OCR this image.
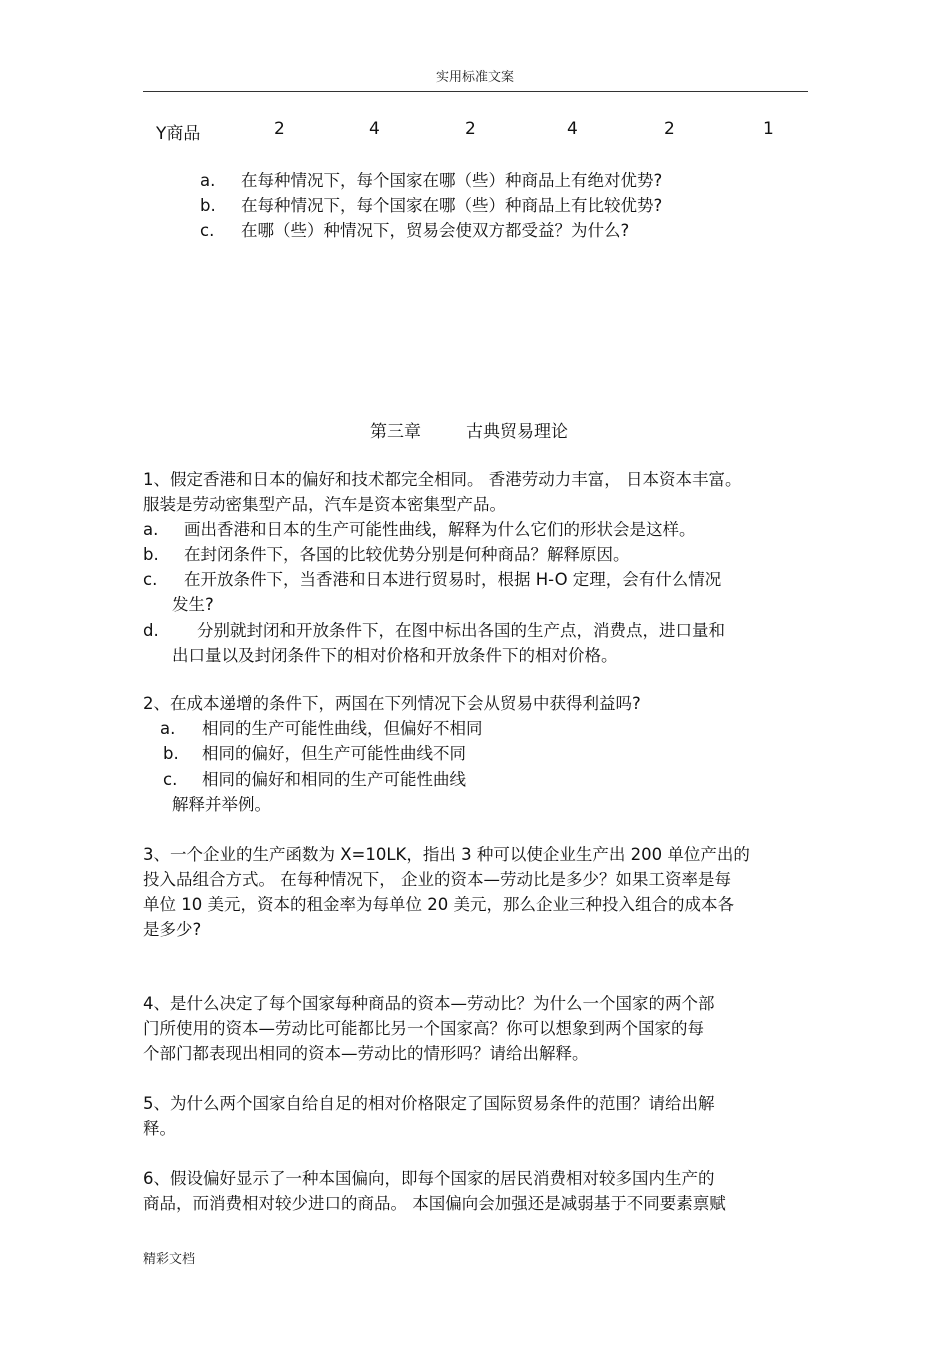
实用标准文案
Y商品	2	4	2	4	2	1
a. 在每种情况下，每个国家在哪（些）种商品上有绝对优势?
b. 在每种情况下，每个国家在哪（些）种商品上有比较优势?
c. 在哪（些）种情况下，贸易会使双方都受益？为什么?
第三章	古典贸易理论
1、假定香港和日本的偏好和技术都完全相同。 香港劳动力丰富， 日本资本丰富。
服装是劳动密集型产品，汽车是资本密集型产品。
a. 画出香港和日本的生产可能性曲线，解释为什么它们的形状会是这样。
b. 在封闭条件下，各国的比较优势分别是何种商品？解释原因。
c. 在开放条件下，当香港和日本进行贸易时，根据 H-O 定理，会有什么情况
发生?
d. 分别就封闭和开放条件下，在图中标出各国的生产点，消费点，进口量和
出口量以及封闭条件下的相对价格和开放条件下的相对价格。
2、在成本递增的条件下，两国在下列情况下会从贸易中获得利益吗?
a. 相同的生产可能性曲线，但偏好不相同
b. 相同的偏好，但生产可能性曲线不同
c. 相同的偏好和相同的生产可能性曲线
解释并举例。
3、一个企业的生产函数为 X=10LK，指出 3 种可以使企业生产出 200 单位产出的
投入品组合方式。 在每种情况下， 企业的资本—劳动比是多少？如果工资率是每
单位 10 美元，资本的租金率为每单位 20 美元，那么企业三种投入组合的成本各
是多少?
4、是什么决定了每个国家每种商品的资本—劳动比？为什么一个国家的两个部
门所使用的资本—劳动比可能都比另一个国家高？你可以想象到两个国家的每
个部门都表现出相同的资本—劳动比的情形吗？请给出解释。
5、为什么两个国家自给自足的相对价格限定了国际贸易条件的范围？请给出解
释。
6、假设偏好显示了一种本国偏向，即每个国家的居民消费相对较多国内生产的
商品，而消费相对较少进口的商品。 本国偏向会加强还是减弱基于不同要素禀赋
精彩文档
